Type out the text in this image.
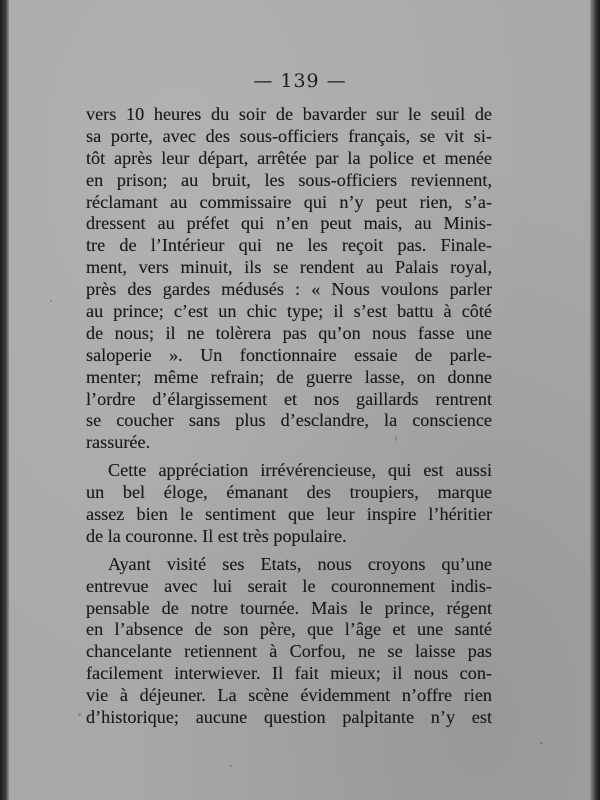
— 139 —
vers 10 heures du soir de bavarder sur le seuil de
sa porte, avec des sous-officiers français, se vit si-
tôt après leur départ, arrêtée par la police et menée
en prison; au bruit, les sous-officiers reviennent,
réclamant au commissaire qui n’y peut rien, s’a-
dressent au préfet qui n’en peut mais, au Minis-
tre de l’Intérieur qui ne les reçoit pas. Finale-
ment, vers minuit, ils se rendent au Palais royal,
près des gardes médusés : « Nous voulons parler
au prince; c’est un chic type; il s’est battu à côté
de nous; il ne tolèrera pas qu’on nous fasse une
saloperie ». Un fonctionnaire essaie de parle-
menter; même refrain; de guerre lasse, on donne
l’ordre d’élargissement et nos gaillards rentrent
se coucher sans plus d’esclandre, la conscience
rassurée.
Cette appréciation irrévérencieuse, qui est aussi
un bel éloge, émanant des troupiers, marque
assez bien le sentiment que leur inspire l’héritier
de la couronne. Il est très populaire.
Ayant visité ses Etats, nous croyons qu’une
entrevue avec lui serait le couronnement indis-
pensable de notre tournée. Mais le prince, régent
en l’absence de son père, que l’âge et une santé
chancelante retiennent à Corfou, ne se laisse pas
facilement interwiever. Il fait mieux; il nous con-
vie à déjeuner. La scène évidemment n’offre rien
d’historique; aucune question palpitante n’y est
